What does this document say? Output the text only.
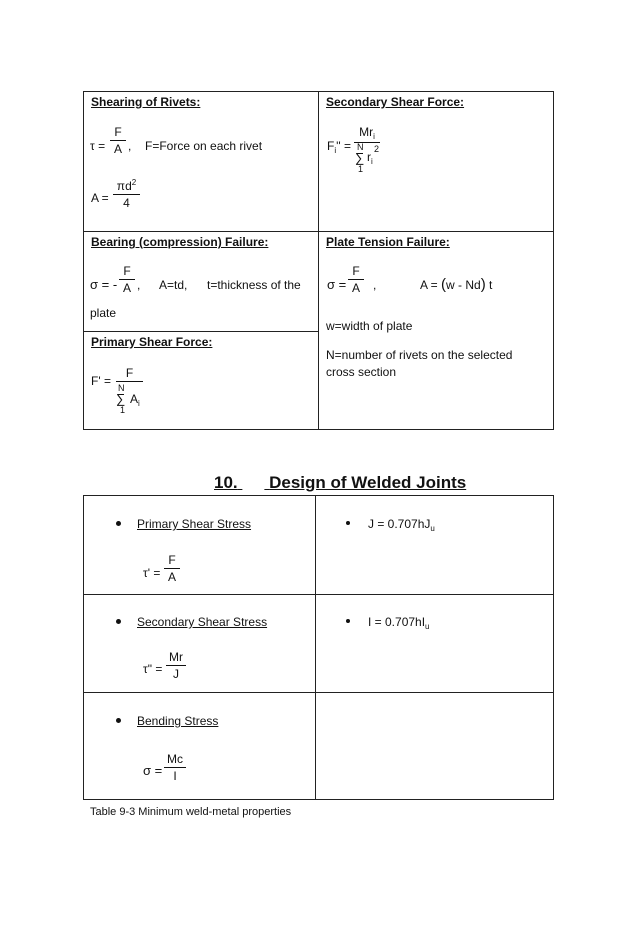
Shearing of Rivets:
τ =
F
A , F=Force on each rivet
A =
$\pi d^2$
4
Secondary Shear Force:
$F_i''$ =
$Mr_i$
N
∑
1
$r_i$
2
Bearing (compression) Failure:
σ = -
F
A , A=td, t=thickness of the
plate
Plate Tension Failure:
σ =
F
A	,	A = (w - Nd) t
w=width of plate
N=number of rivets on the selected
cross section
Primary Shear Force:
F' =
F
N
∑
1
$A_i$
10. Design of Welded Joints
Primary Shear Stress
τ' =
F
A
$J = 0.707hJ_u$
Secondary Shear Stress
τ" =
Mr
J
$I = 0.707hI_u$
Bending Stress
σ =
Mc
I
Table 9-3 Minimum weld-metal properties
